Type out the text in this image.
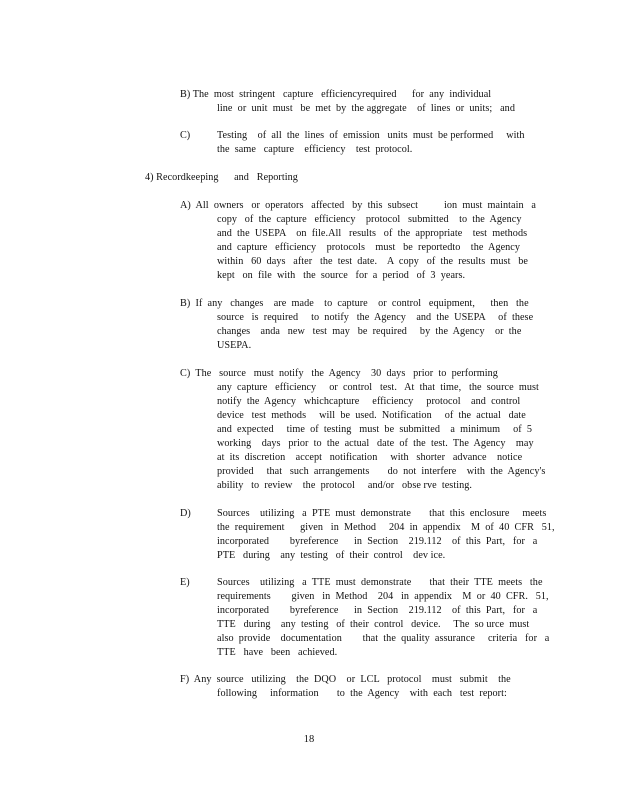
B) The  most  stringent   capture   efficiencyrequired      for  any  individual
line  or  unit  must   be  met  by  the aggregate    of  lines  or  units;   and
C)	Testing    of  all  the  lines  of  emission   units  must  be performed     with
the  same   capture    efficiency    test  protocol.
4) Recordkeeping      and   Reporting
A)  All  owners   or  operators   affected   by  this  subsect          ion  must  maintain   a
copy   of  the  capture   efficiency    protocol   submitted    to  the  Agency
and  the  USEPA    on  file.All   results   of  the  appropriate    test  methods
and  capture   efficiency    protocols    must   be  reportedto    the  Agency
within   60  days   after   the  test  date.    A  copy   of  the  results  must   be
kept   on  file  with   the  source   for  a  period   of  3  years.
B)  If  any   changes    are  made    to  capture    or  control   equipment,      then   the
source   is  required     to  notify   the  Agency    and  the  USEPA     of  these
changes    anda   new   test  may   be  required     by  the  Agency    or  the
USEPA.
C)  The   source   must  notify   the  Agency    30  days   prior  to  performing
any  capture   efficiency     or  control   test.   At  that  time,   the  source  must
notify  the  Agency   whichcapture     efficiency     protocol    and  control
device   test  methods     will  be  used.  Notification     of  the  actual   date
and  expected     time  of  testing   must  be  submitted    a  minimum     of  5
working    days   prior  to  the  actual   date  of  the  test.  The  Agency    may
at  its  discretion    accept   notification     with   shorter   advance    notice
provided     that   such  arrangements       do  not  interfere    with  the  Agency's
ability   to  review    the  protocol     and/or   obse rve  testing.
D)	Sources    utilizing   a  PTE  must  demonstrate       that  this  enclosure     meets
the  requirement      given   in  Method     204  in  appendix    M  of  40  CFR   51,
incorporated        byreference      in  Section    219.112    of  this  Part,   for   a
PTE   during    any  testing   of  their  control    dev ice.
E)	Sources    utilizing   a  TTE  must  demonstrate       that  their  TTE  meets   the
requirements        given   in  Method    204   in  appendix    M  or  40  CFR.   51,
incorporated        byreference      in  Section    219.112    of  this  Part,   for   a
TTE   during    any  testing   of  their  control   device.     The  so urce  must
also  provide    documentation        that  the  quality  assurance     criteria   for   a
TTE   have   been   achieved.
F)  Any  source   utilizing    the  DQO    or  LCL   protocol    must   submit    the
following     information       to  the  Agency    with  each   test  report:
18
